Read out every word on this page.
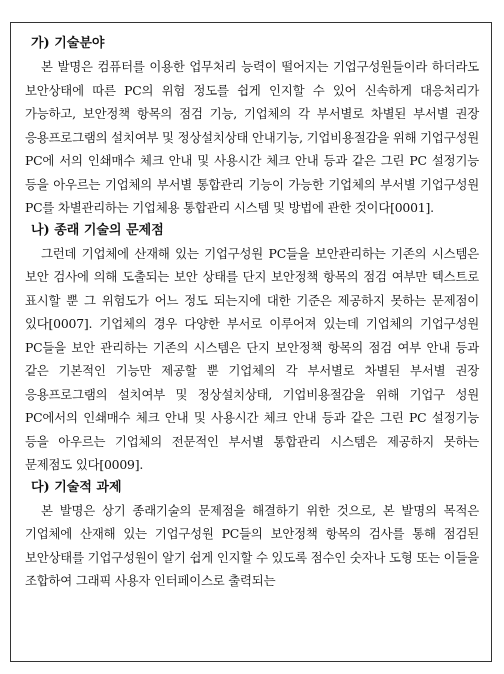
가) 기술분야

본 발명은 컴퓨터를 이용한 업무처리 능력이 떨어지는 기업구성원들이라 하더라도 보안상태에 따른 PC의 위험 정도를 쉽게 인지할 수 있어 신속하게 대응처리가 가능하고, 보안정책 항목의 점검 기능, 기업체의 각 부서별로 차별된 부서별 권장 응용프로그램의 설치여부 및 정상설치상태 안내기능, 기업비용절감을 위해 기업구성원 PC에 서의 인쇄매수 체크 안내 및 사용시간 체크 안내 등과 같은 그린 PC 설정기능 등을 아우르는 기업체의 부서별 통합관리 기능이 가능한 기업체의 부서별 기업구성원 PC를 차별관리하는 기업체용 통합관리 시스템 및 방법에 관한 것이다[0001].

나) 종래 기술의 문제점

그런데 기업체에 산재해 있는 기업구성원 PC들을 보안관리하는 기존의 시스템은 보안 검사에 의해 도출되는 보안 상태를 단지 보안정책 항목의 점검 여부만 텍스트로 표시할 뿐 그 위험도가 어느 정도 되는지에 대한 기준은 제공하지 못하는 문제점이 있다[0007]. 기업체의 경우 다양한 부서로 이루어져 있는데 기업체의 기업구성원 PC들을 보안 관리하는 기존의 시스템은 단지 보안정책 항목의 점검 여부 안내 등과 같은 기본적인 기능만 제공할 뿐 기업체의 각 부서별로 차별된 부서별 권장 응용프로그램의 설치여부 및 정상설치상태, 기업비용절감을 위해 기업구 성원 PC에서의 인쇄매수 체크 안내 및 사용시간 체크 안내 등과 같은 그린 PC 설정기능 등을 아우르는 기업체의 전문적인 부서별 통합관리 시스템은 제공하지 못하는 문제점도 있다[0009].

다) 기술적 과제

본 발명은 상기 종래기술의 문제점을 해결하기 위한 것으로, 본 발명의 목적은 기업체에 산재해 있는 기업구성원 PC들의 보안정책 항목의 검사를 통해 점검된 보안상태를 기업구성원이 알기 쉽게 인지할 수 있도록 점수인 숫자나 도형 또는 이들을 조합하여 그래픽 사용자 인터페이스로 출력되는
